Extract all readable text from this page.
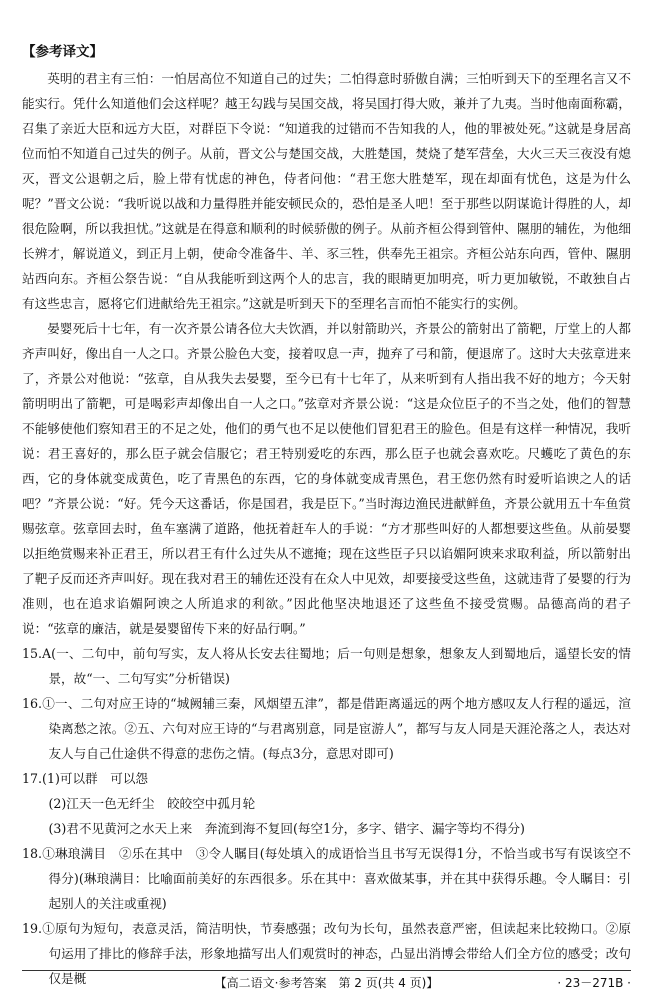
【参考译文】

英明的君主有三怕：一怕居高位不知道自己的过失；二怕得意时骄傲自满；三怕听到天下的至理名言又不能实行。凭什么知道他们会这样呢？越王勾践与吴国交战，将吴国打得大败，兼并了九夷。当时他南面称霸，召集了亲近大臣和远方大臣，对群臣下令说：“知道我的过错而不告知我的人，他的罪被处死。”这就是身居高位而怕不知道自己过失的例子。从前，晋文公与楚国交战，大胜楚国，焚烧了楚军营垒，大火三天三夜没有熄灭，晋文公退朝之后，脸上带有忧虑的神色，侍者问他：“君王您大胜楚军，现在却面有忧色，这是为什么呢？”晋文公说：“我听说以战和力量得胜并能安顿民众的，恐怕是圣人吧！至于那些以阴谋诡计得胜的人，却很危险啊，所以我担忧。”这就是在得意和顺利的时候骄傲的例子。从前齐桓公得到管仲、隰朋的辅佐，为他细长辨才，解说道义，到正月上朝，使命令准备牛、羊、豕三牲，供奉先王祖宗。齐桓公站东向西，管仲、隰朋站西向东。齐桓公祭告说：“自从我能听到这两个人的忠言，我的眼睛更加明亮，听力更加敏锐，不敢独自占有这些忠言，愿将它们进献给先王祖宗。”这就是听到天下的至理名言而怕不能实行的实例。

晏婴死后十七年，有一次齐景公请各位大夫饮酒，并以射箭助兴，齐景公的箭射出了箭靶，厅堂上的人都齐声叫好，像出自一人之口。齐景公脸色大变，接着叹息一声，抛弃了弓和箭，便退席了。这时大夫弦章进来了，齐景公对他说：“弦章，自从我失去晏婴，至今已有十七年了，从来听到有人指出我不好的地方；今天射箭明明出了箭靶，可是喝彩声却像出自一人之口。”弦章对齐景公说：“这是众位臣子的不当之处，他们的智慧不能够使他们察知君王的不足之处，他们的勇气也不足以使他们冒犯君王的脸色。但是有这样一种情况，我听说：君王喜好的，那么臣子就会信服它；君王特别爱吃的东西，那么臣子也就会喜欢吃。尺蠖吃了黄色的东西，它的身体就变成黄色，吃了青黑色的东西，它的身体就变成青黑色，君王您仍然有时爱听谄谀之人的话吧？”齐景公说：“好。凭今天这番话，你是国君，我是臣下。”当时海边渔民进献鲜鱼，齐景公就用五十车鱼赏赐弦章。弦章回去时，鱼车塞满了道路，他抚着赶车人的手说：“方才那些叫好的人都想要这些鱼。从前晏婴以拒绝赏赐来补正君王，所以君王有什么过失从不遮掩；现在这些臣子只以谄媚阿谀来求取利益，所以箭射出了靶子反而还齐声叫好。现在我对君王的辅佐还没有在众人中见效，却要接受这些鱼，这就违背了晏婴的行为准则，也在追求谄媚阿谀之人所追求的利欲。”因此他坚决地退还了这些鱼不接受赏赐。品德高尚的君子说：“弦章的廉洁，就是晏婴留传下来的好品行啊。”

15.A(一、二句中，前句写实，友人将从长安去往蜀地；后一句则是想象，想象友人到蜀地后，遥望长安的情景，故“一、二句写实”分析错误)

16.①一、二句对应王诗的“城阙辅三秦，风烟望五津”，都是借距离遥远的两个地方感叹友人行程的遥远，渲染离愁之浓。②五、六句对应王诗的“与君离别意，同是宦游人”，都写与友人同是天涯沦落之人，表达对友人与自己仕途供不得意的悲伤之情。(每点3分，意思对即可)

17.(1)可以群　可以怨

(2)江天一色无纤尘　皎皎空中孤月轮

(3)君不见黄河之水天上来　奔流到海不复回(每空1分，多字、错字、漏字等均不得分)

18.①琳琅满目　②乐在其中　③令人瞩目(每处填入的成语恰当且书写无误得1分，不恰当或书写有误该空不得分)(琳琅满目：比喻面前美好的东西很多。乐在其中：喜欢做某事，并在其中获得乐趣。令人瞩目：引起别人的关注或重视)

19.①原句为短句，表意灵活，简洁明快，节奏感强；改句为长句，虽然表意严密，但读起来比较拗口。②原句运用了排比的修辞手法，形象地描写出人们观赏时的神态，凸显出消博会带给人们全方位的感受；改句仅是概	【高二语文·参考答案　第 2 页(共 4 页)】	· 23－271B ·
